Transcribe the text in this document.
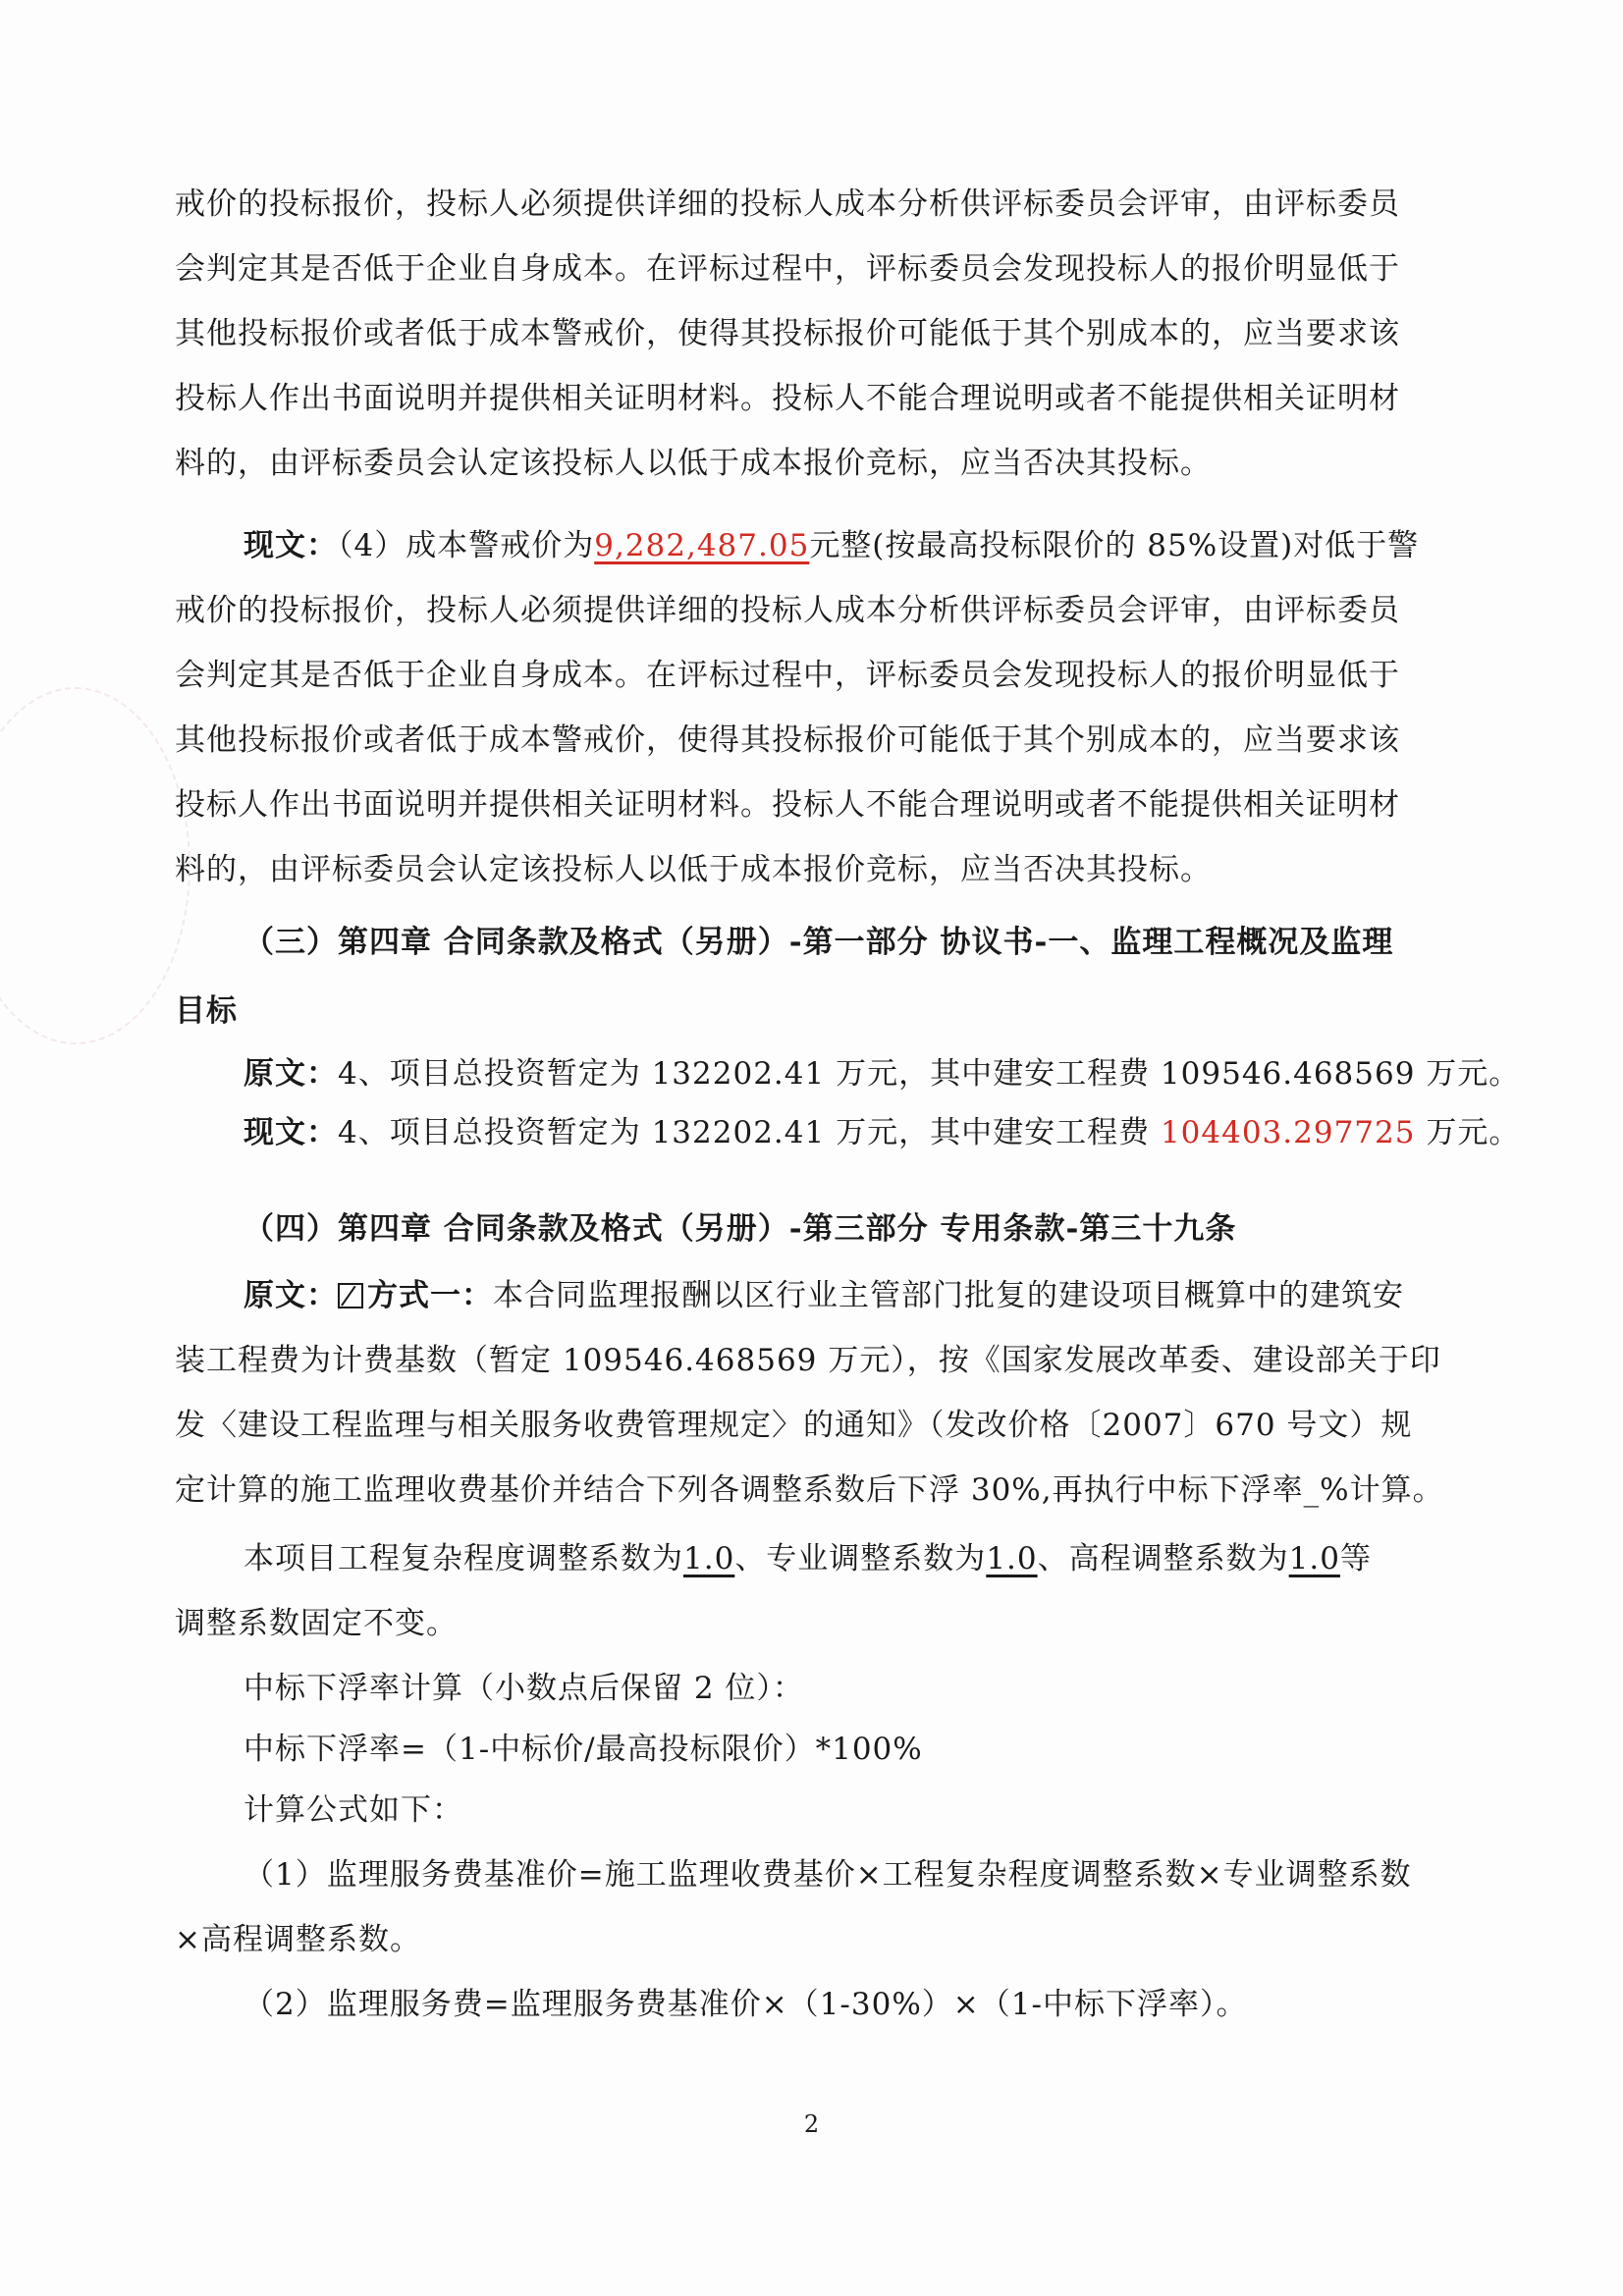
戒价的投标报价，投标人必须提供详细的投标人成本分析供评标委员会评审，由评标委员
会判定其是否低于企业自身成本。在评标过程中，评标委员会发现投标人的报价明显低于
其他投标报价或者低于成本警戒价，使得其投标报价可能低于其个别成本的，应当要求该
投标人作出书面说明并提供相关证明材料。投标人不能合理说明或者不能提供相关证明材
料的，由评标委员会认定该投标人以低于成本报价竞标，应当否决其投标。
现文：（4）成本警戒价为9,282,487.05元整(按最高投标限价的 85%设置)对低于警
戒价的投标报价，投标人必须提供详细的投标人成本分析供评标委员会评审，由评标委员
会判定其是否低于企业自身成本。在评标过程中，评标委员会发现投标人的报价明显低于
其他投标报价或者低于成本警戒价，使得其投标报价可能低于其个别成本的，应当要求该
投标人作出书面说明并提供相关证明材料。投标人不能合理说明或者不能提供相关证明材
料的，由评标委员会认定该投标人以低于成本报价竞标，应当否决其投标。
（三）第四章 合同条款及格式（另册）-第一部分 协议书-一、监理工程概况及监理
目标
原文：4、项目总投资暂定为 132202.41 万元，其中建安工程费 109546.468569 万元。
现文：4、项目总投资暂定为 132202.41 万元，其中建安工程费 104403.297725 万元。
（四）第四章 合同条款及格式（另册）-第三部分 专用条款-第三十九条
原文： 方式一：本合同监理报酬以区行业主管部门批复的建设项目概算中的建筑安
装工程费为计费基数（暂定 109546.468569 万元），按《国家发展改革委、建设部关于印
发〈建设工程监理与相关服务收费管理规定〉的通知》（发改价格〔2007〕670 号文）规
定计算的施工监理收费基价并结合下列各调整系数后下浮 30%,再执行中标下浮率_%计算。
本项目工程复杂程度调整系数为1.0、专业调整系数为1.0、高程调整系数为1.0等
调整系数固定不变。
中标下浮率计算（小数点后保留 2 位）：
中标下浮率=（1-中标价/最高投标限价）*100%
计算公式如下：
（1）监理服务费基准价=施工监理收费基价×工程复杂程度调整系数×专业调整系数
×高程调整系数。
（2）监理服务费=监理服务费基准价×（1-30%）×（1-中标下浮率）。
2
